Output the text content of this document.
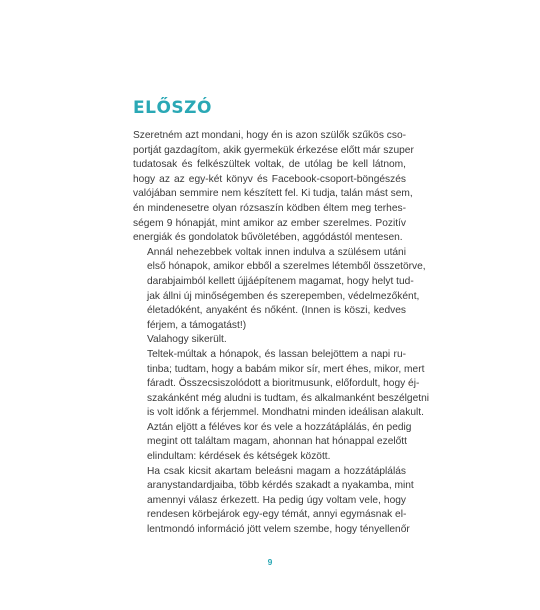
ELŐSZÓ

Szeretném azt mondani, hogy én is azon szülők szűkös cso-
portját gazdagítom, akik gyermekük érkezése előtt már szuper
tudatosak és felkészültek voltak, de utólag be kell látnom,
hogy az az egy-két könyv és Facebook-csoport-böngészés
valójában semmire nem készített fel. Ki tudja, talán mást sem,
én mindenesetre olyan rózsaszín ködben éltem meg terhes-
ségem 9 hónapját, mint amikor az ember szerelmes. Pozitív
energiák és gondolatok bűvöletében, aggódástól mentesen.

Annál nehezebbek voltak innen indulva a szülésem utáni
első hónapok, amikor ebből a szerelmes létemből összetörve,
darabjaimból kellett újjáépítenem magamat, hogy helyt tud-
jak állni új minőségemben és szerepemben, védelmezőként,
életadóként, anyaként és nőként. (Innen is köszi, kedves
férjem, a támogatást!)

Valahogy sikerült.

Teltek-múltak a hónapok, és lassan belejöttem a napi ru-
tinba; tudtam, hogy a babám mikor sír, mert éhes, mikor, mert
fáradt. Összecsiszolódott a bioritmusunk, előfordult, hogy éj-
szakánként még aludni is tudtam, és alkalmanként beszélgetni
is volt időnk a férjemmel. Mondhatni minden ideálisan alakult.

Aztán eljött a féléves kor és vele a hozzátáplálás, én pedig
megint ott találtam magam, ahonnan hat hónappal ezelőtt
elindultam: kérdések és kétségek között.

Ha csak kicsit akartam beleásni magam a hozzátáplálás
aranystandardjaiba, több kérdés szakadt a nyakamba, mint
amennyi válasz érkezett. Ha pedig úgy voltam vele, hogy
rendesen körbejárok egy-egy témát, annyi egymásnak el-
lentmondó információ jött velem szembe, hogy tényellenőr

9
